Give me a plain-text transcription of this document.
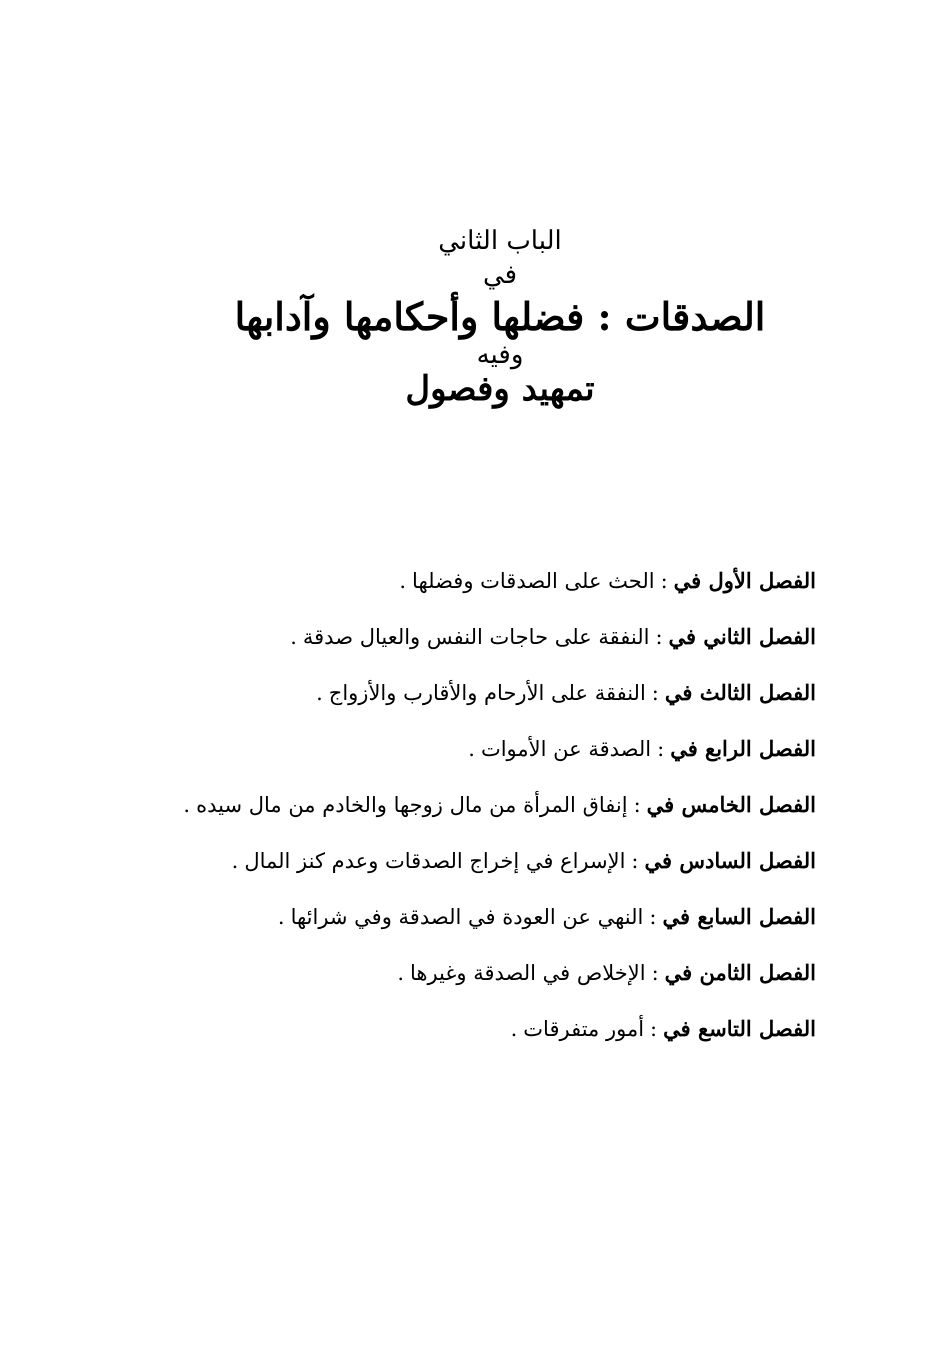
الباب الثاني
في
الصدقات : فضلها وأحكامها وآدابها
وفيه
تمهيد وفصول
الفصل الأول في:الحث على الصدقات وفضلها.
الفصل الثاني في:النفقة على حاجات النفس والعيال صدقة.
الفصل الثالث في:النفقة على الأرحام والأقارب والأزواج.
الفصل الرابع في:الصدقة عن الأموات.
الفصل الخامس في:إنفاق المرأة من مال زوجها والخادم من مال سيده.
الفصل السادس في:الإسراع في إخراج الصدقات وعدم كنز المال.
الفصل السابع في:النهي عن العودة في الصدقة وفي شرائها.
الفصل الثامن في:الإخلاص في الصدقة وغيرها.
الفصل التاسع في:أمور متفرقات.
